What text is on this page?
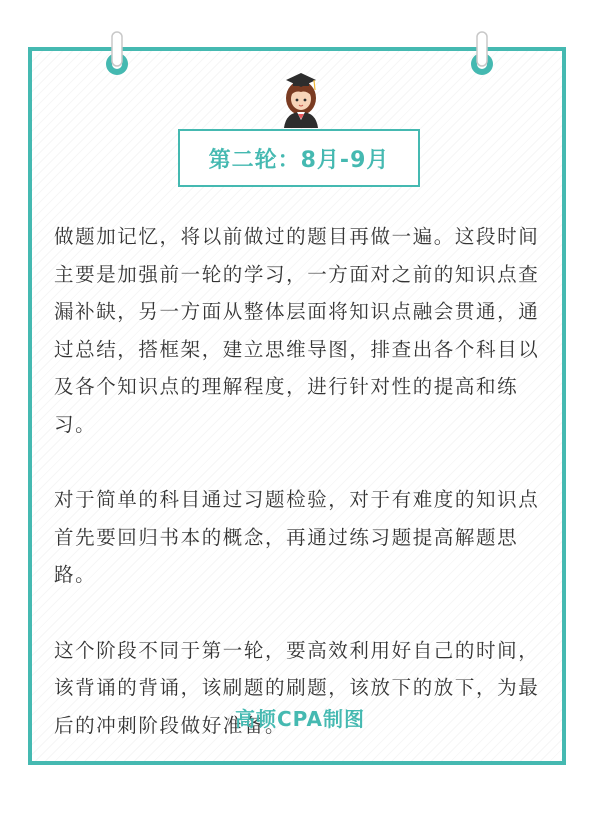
第二轮：8月-9月

做题加记忆，将以前做过的题目再做一遍。这段时间主要是加强前一轮的学习，一方面对之前的知识点查漏补缺，另一方面从整体层面将知识点融会贯通，通过总结，搭框架，建立思维导图，排查出各个科目以及各个知识点的理解程度，进行针对性的提高和练习。

对于简单的科目通过习题检验，对于有难度的知识点首先要回归书本的概念，再通过练习题提高解题思路。

这个阶段不同于第一轮，要高效利用好自己的时间，该背诵的背诵，该刷题的刷题，该放下的放下，为最后的冲刺阶段做好准备。

高顿CPA制图
